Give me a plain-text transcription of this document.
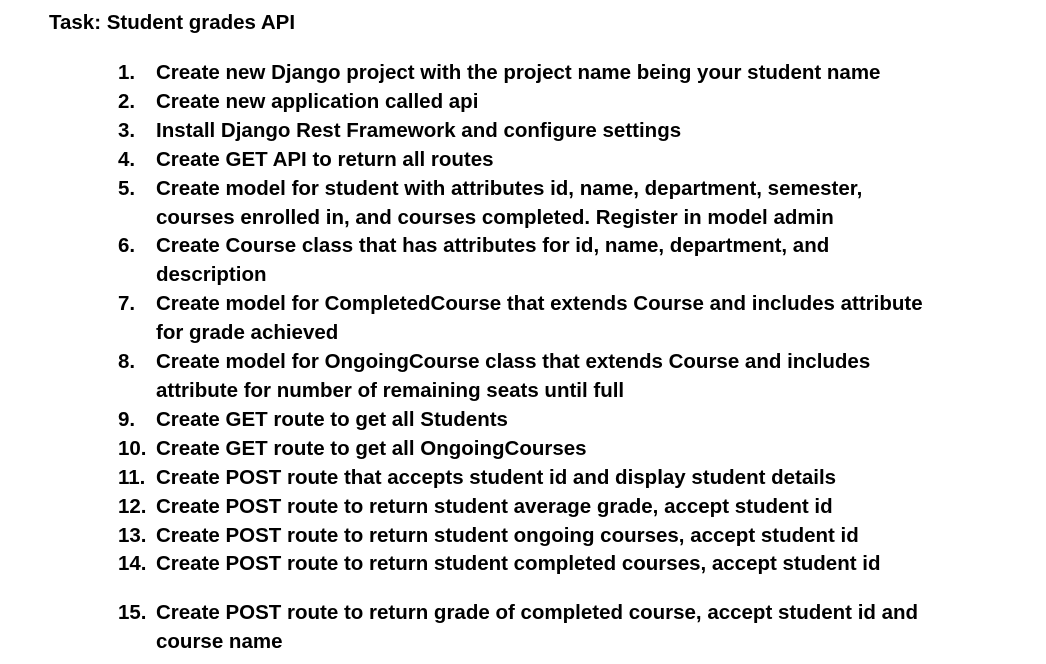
Task: Student grades API
1.	Create new Django project with the project name being your student name
2.	Create new application called api
3.	Install Django Rest Framework and configure settings
4.	Create GET API to return all routes
5.	Create model for student with attributes id, name, department, semester,
courses enrolled in, and courses completed. Register in model admin
6.	Create Course class that has attributes for id, name, department, and
description
7.	Create model for CompletedCourse that extends Course and includes attribute
for grade achieved
8.	Create model for OngoingCourse class that extends Course and includes
attribute for number of remaining seats until full
9.	Create GET route to get all Students
10. Create GET route to get all OngoingCourses
11. Create POST route that accepts student id and display student details
12. Create POST route to return student average grade, accept student id
13. Create POST route to return student ongoing courses, accept student id
14. Create POST route to return student completed courses, accept student id
15. Create POST route to return grade of completed course, accept student id and
course name
